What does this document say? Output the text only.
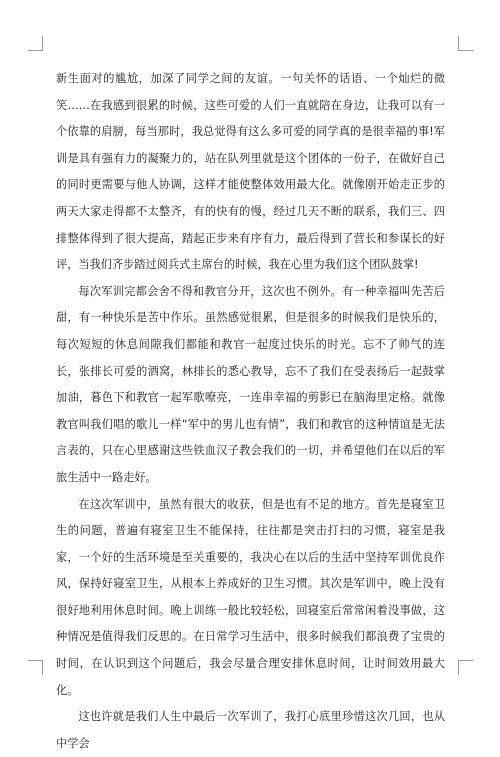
新生面对的尴尬，加深了同学之间的友谊。一句关怀的话语、一个灿烂的微笑……在我感到很累的时候，这些可爱的人们一直就陪在身边，让我可以有一个依靠的肩膀，每当那时，我总觉得有这么多可爱的同学真的是很幸福的事!军训是具有强有力的凝聚力的，站在队列里就是这个团体的一份子，在做好自己的同时更需要与他人协调，这样才能使整体效用最大化。就像刚开始走正步的两天大家走得都不太整齐，有的快有的慢，经过几天不断的联系，我们三、四排整体得到了很大提高，踏起正步来有序有力，最后得到了营长和参谋长的好评，当我们齐步踏过阅兵式主席台的时候，我在心里为我们这个团队鼓掌!

每次军训完都会舍不得和教官分开，这次也不例外。有一种幸福叫先苦后甜，有一种快乐是苦中作乐。虽然感觉很累，但是很多的时候我们是快乐的，每次短短的休息间隙我们都能和教官一起度过快乐的时光。忘不了帅气的连长，张排长可爱的酒窝，林排长的悉心教导，忘不了我们在受表扬后一起鼓掌加油，暮色下和教官一起军歌嘹亮，一连串幸福的剪影已在脑海里定格。就像教官叫我们唱的歌儿一样“军中的男儿也有情”，我们和教官的这种情谊是无法言表的，只在心里感谢这些铁血汉子教会我们的一切，并希望他们在以后的军旅生活中一路走好。

在这次军训中，虽然有很大的收获，但是也有不足的地方。首先是寝室卫生的问题，普遍有寝室卫生不能保持，往往都是突击打扫的习惯，寝室是我家，一个好的生活环境是至关重要的，我决心在以后的生活中坚持军训优良作风，保持好寝室卫生，从根本上养成好的卫生习惯。其次是军训中，晚上没有很好地利用休息时间。晚上训练一般比较轻松，回寝室后常常闲着没事做，这种情况是值得我们反思的。在日常学习生活中，很多时候我们都浪费了宝贵的时间，在认识到这个问题后，我会尽量合理安排休息时间，让时间效用最大化。

这也许就是我们人生中最后一次军训了，我打心底里珍惜这次几回，也从中学会
